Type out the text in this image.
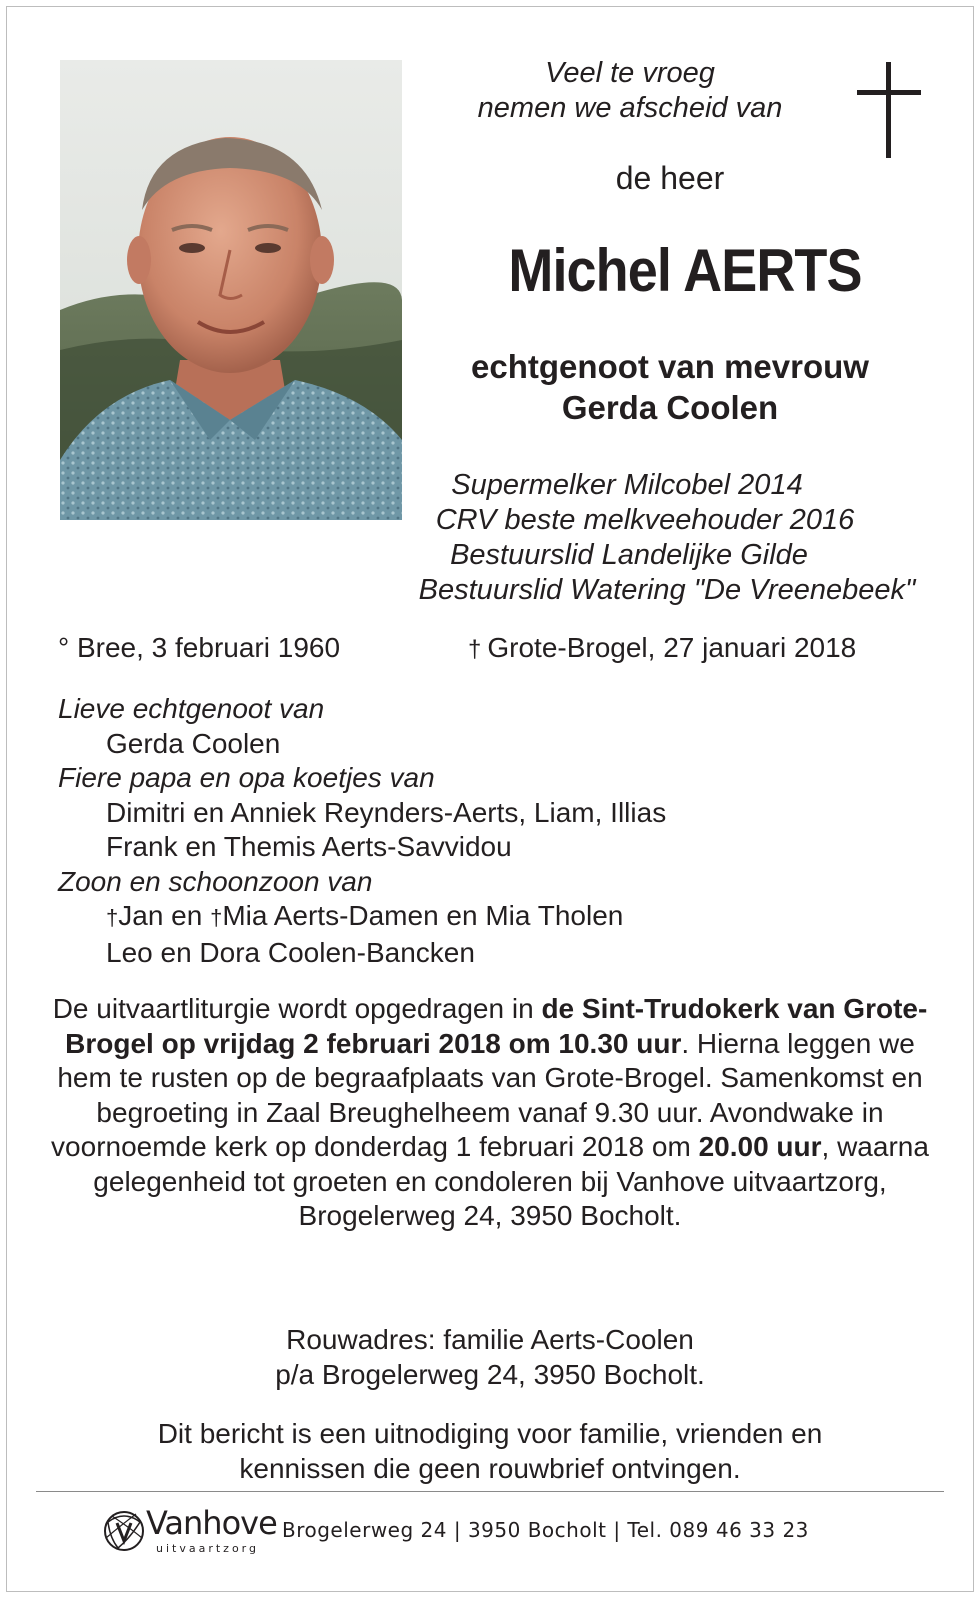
Veel te vroeg
nemen we afscheid van
de heer
Michel AERTS
echtgenoot van mevrouw
Gerda Coolen
Supermelker Milcobel 2014
CRV beste melkveehouder 2016
Bestuurslid Landelijke Gilde
Bestuurslid Watering "De Vreenebeek"
° Bree, 3 februari 1960	† Grote-Brogel, 27 januari 2018
Lieve echtgenoot van
Gerda Coolen
Fiere papa en opa koetjes van
Dimitri en Anniek Reynders-Aerts, Liam, Illias
Frank en Themis Aerts-Savvidou
Zoon en schoonzoon van
†Jan en †Mia Aerts-Damen en Mia Tholen
Leo en Dora Coolen-Bancken
De uitvaartliturgie wordt opgedragen in de Sint-Trudokerk van Grote-Brogel op vrijdag 2 februari 2018 om 10.30 uur. Hierna leggen we hem te rusten op de begraafplaats van Grote-Brogel. Samenkomst en begroeting in Zaal Breughelheem vanaf 9.30 uur. Avondwake in voornoemde kerk op donderdag 1 februari 2018 om 20.00 uur, waarna gelegenheid tot groeten en condoleren bij Vanhove uitvaartzorg, Brogelerweg 24, 3950 Bocholt.
Rouwadres: familie Aerts-Coolen
p/a Brogelerweg 24, 3950 Bocholt.
Dit bericht is een uitnodiging voor familie, vrienden en
kennissen die geen rouwbrief ontvingen.
Vanhove
uitvaartzorg
Brogelerweg 24 | 3950 Bocholt | Tel. 089 46 33 23
